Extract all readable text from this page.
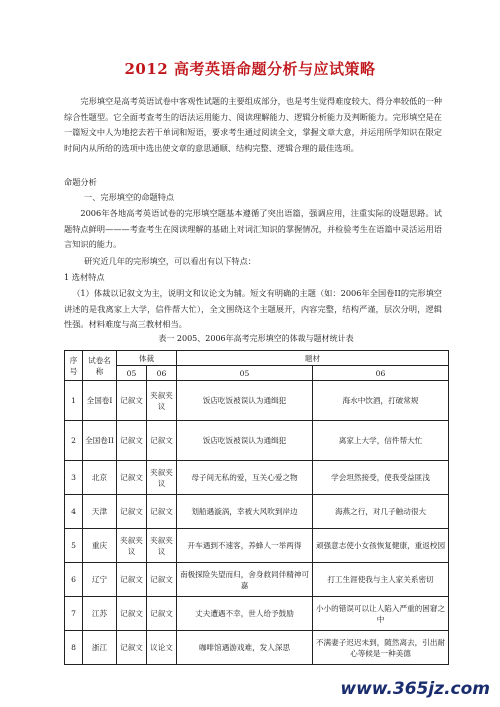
2012 高考英语命题分析与应试策略

完形填空是高考英语试卷中客观性试题的主要组成部分，也是考生觉得难度较大、得分率较低的一种综合性题型。它全面考查考生的语法运用能力、阅读理解能力、逻辑分析能力及判断能力。完形填空是在一篇短文中人为地挖去若干单词和短语，要求考生通过阅读全文，掌握文章大意，并运用所学知识在限定时间内从所给的选项中选出使文章的意思通顺、结构完整、逻辑合理的最佳选项。

命题分析
一、完形填空的命题特点

2006年各地高考英语试卷的完形填空题基本遵循了突出语篇，强调应用，注重实际的设题思路。试题特点鲜明———考查考生在阅读理解的基础上对词汇知识的掌握情况，并检验考生在语篇中灵活运用语言知识的能力。

研究近几年的完形填空，可以看出有以下特点：
1 选材特点

（1）体裁以记叙文为主，说明文和议论文为辅。短文有明确的主题（如：2006年全国卷II的完形填空讲述的是我离家上大学，信件帮大忙），全文围绕这个主题展开，内容完整，结构严谨，层次分明，逻辑性强。材料难度与高三教材相当。

表一 2005、2006年高考完形填空的体裁与题材统计表
序号	试卷名称	体裁		题材	
		05	06	05	06
1	全国卷I	记叙文	夹叙夹议	饭店吃饭被误认为通缉犯	海水中饮酒，打破常规
2	全国卷II	记叙文	记叙文	饭店吃饭被误认为通缉犯	离家上大学，信件帮大忙
3	北京	记叙文	夹叙夹议	母子间无私的爱，互关心爱之物	学会坦然接受，使我受益匪浅
4	天津	记叙文	记叙文	划船遇漩涡，幸被大风吹到岸边	海燕之行，对几子触动很大
5	重庆	夹叙夹议	夹叙夹议	开车遇到不速客，养蜂人一举两得	顽强意志使小女孩恢复健康，重返校园
6	辽宁	记叙文	记叙文	南极探险失望而归，舍身救同伴精神可嘉	打工生涯使我与主人家关系密切
7	江苏	记叙文	记叙文	丈夫遭遇不幸，世人给予鼓励	小小的错误可以让人陷入严重的困窘之中
8	浙江	记叙文	议论文	咖啡馆遇游戏难，发人深思	不满妻子迟迟未到，随然离去，引出耐心等候是一种美德
www.365jz.com
